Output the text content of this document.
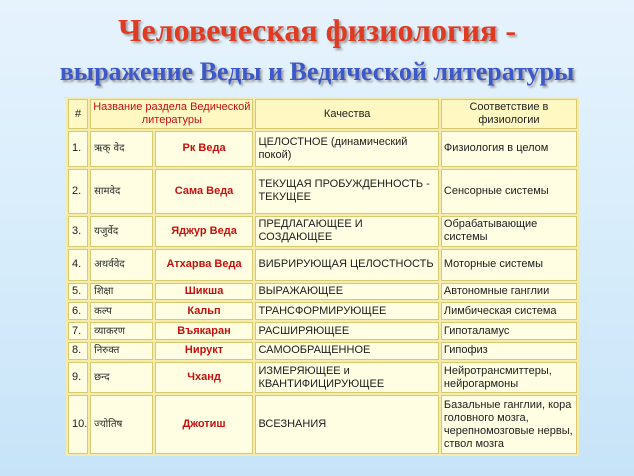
Человеческая физиология -
выражение Веды и Ведической литературы
#	Название раздела Ведической литературы		Качества	Соответствие в физиологии
1.	ऋक् वेद	Рк Веда	ЦЕЛОСТНОЕ (динамический покой)	Физиология в целом
2.	सामवेद	Сама Веда	ТЕКУЩАЯ ПРОБУЖДЕННОСТЬ - ТЕКУЩЕЕ	Сенсорные системы
3.	यजुर्वेद	Яджур Веда	ПРЕДЛАГАЮЩЕЕ И СОЗДАЮЩЕЕ	Обрабатывающие системы
4.	अथर्ववेद	Атхарва Веда	ВИБРИРУЮЩАЯ ЦЕЛОСТНОСТЬ	Моторные системы
5.	शिक्षा	Шикша	ВЫРАЖАЮЩЕЕ	Автономные ганглии
6.	कल्प	Кальп	ТРАНСФОРМИРУЮЩЕЕ	Лимбическая система
7.	व्याकरण	Въякаран	РАСШИРЯЮЩЕЕ	Гипоталамус
8.	निरुक्त	Нирукт	САМООБРАЩЕННОЕ	Гипофиз
9.	छन्द	Чханд	ИЗМЕРЯЮЩЕЕ и КВАНТИФИЦИРУЮЩЕЕ	Нейротрансмиттеры, нейрогармоны
10.	ज्योतिष	Джотиш	ВСЕЗНАНИЯ	Базальные ганглии, кора головного мозга, черепномозговые нервы, ствол мозга
